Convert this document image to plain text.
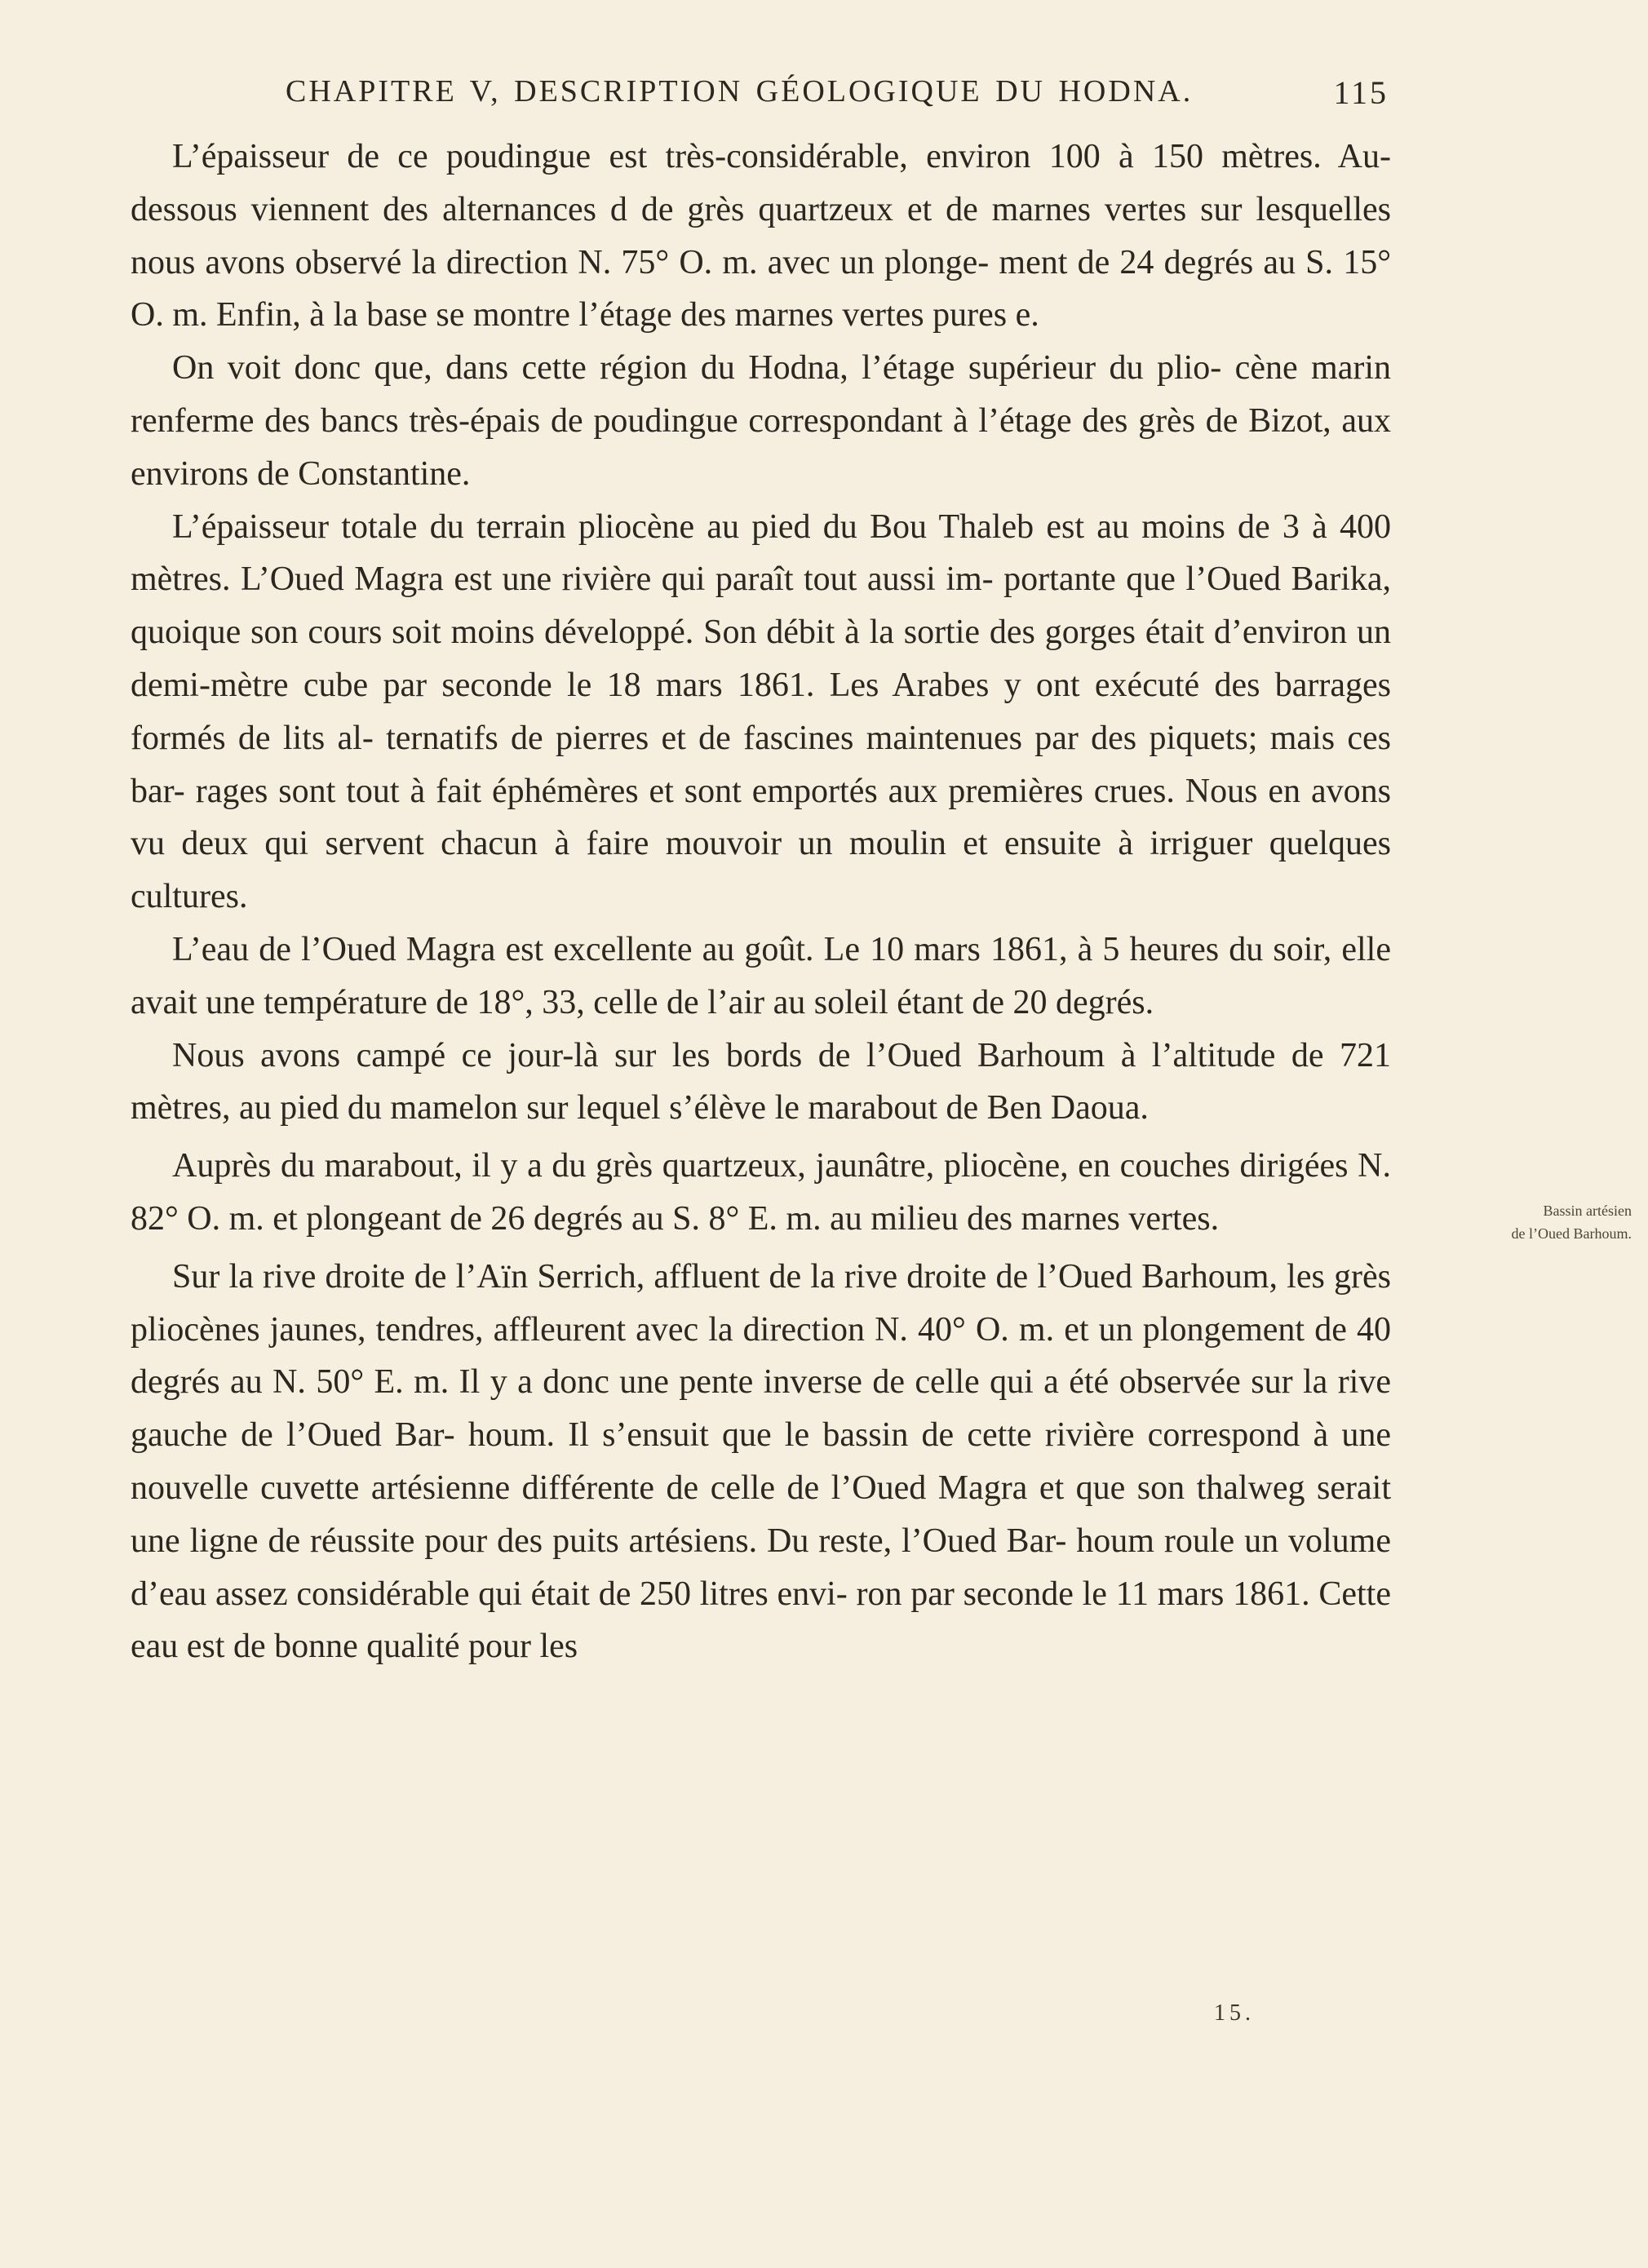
CHAPITRE V, DESCRIPTION GÉOLOGIQUE DU HODNA.	115

L’épaisseur de ce poudingue est très-considérable, environ 100 à 150 mètres. Au-dessous viennent des alternances d de grès quartzeux et de marnes vertes sur lesquelles nous avons observé la direction N. 75° O. m. avec un plonge- ment de 24 degrés au S. 15° O. m. Enfin, à la base se montre l’étage des marnes vertes pures e.

On voit donc que, dans cette région du Hodna, l’étage supérieur du plio- cène marin renferme des bancs très-épais de poudingue correspondant à l’étage des grès de Bizot, aux environs de Constantine.

L’épaisseur totale du terrain pliocène au pied du Bou Thaleb est au moins de 3 à 400 mètres. L’Oued Magra est une rivière qui paraît tout aussi im- portante que l’Oued Barika, quoique son cours soit moins développé. Son débit à la sortie des gorges était d’environ un demi-mètre cube par seconde le 18 mars 1861. Les Arabes y ont exécuté des barrages formés de lits al- ternatifs de pierres et de fascines maintenues par des piquets; mais ces bar- rages sont tout à fait éphémères et sont emportés aux premières crues. Nous en avons vu deux qui servent chacun à faire mouvoir un moulin et ensuite à irriguer quelques cultures.

L’eau de l’Oued Magra est excellente au goût. Le 10 mars 1861, à 5 heures du soir, elle avait une température de 18°, 33, celle de l’air au soleil étant de 20 degrés.

Nous avons campé ce jour-là sur les bords de l’Oued Barhoum à l’altitude de 721 mètres, au pied du mamelon sur lequel s’élève le marabout de Ben Daoua.

Auprès du marabout, il y a du grès quartzeux, jaunâtre, pliocène, en couches dirigées N. 82° O. m. et plongeant de 26 degrés au S. 8° E. m. au milieu des marnes vertes.

Sur la rive droite de l’Aïn Serrich, affluent de la rive droite de l’Oued Barhoum, les grès pliocènes jaunes, tendres, affleurent avec la direction N. 40° O. m. et un plongement de 40 degrés au N. 50° E. m. Il y a donc une pente inverse de celle qui a été observée sur la rive gauche de l’Oued Bar- houm. Il s’ensuit que le bassin de cette rivière correspond à une nouvelle cuvette artésienne différente de celle de l’Oued Magra et que son thalweg serait une ligne de réussite pour des puits artésiens. Du reste, l’Oued Bar- houm roule un volume d’eau assez considérable qui était de 250 litres envi- ron par seconde le 11 mars 1861. Cette eau est de bonne qualité pour les

Bassin artésien
de l’Oued Barhoum.
15.
